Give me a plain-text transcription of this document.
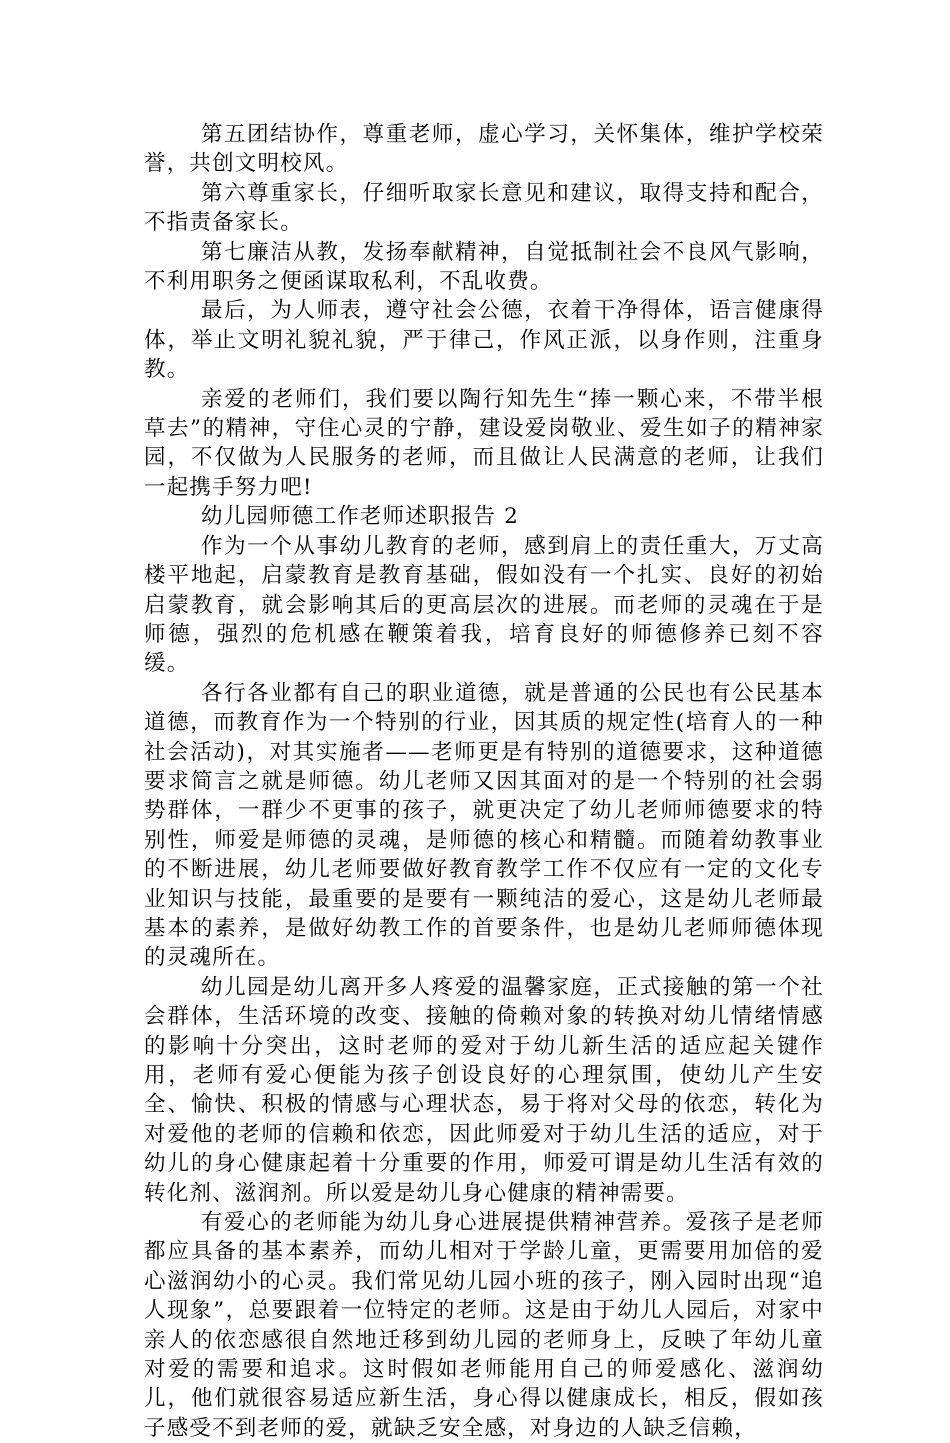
第五团结协作，尊重老师，虚心学习，关怀集体，维护学校荣誉，共创文明校风。

第六尊重家长，仔细听取家长意见和建议，取得支持和配合，不指责备家长。

第七廉洁从教，发扬奉献精神，自觉抵制社会不良风气影响，不利用职务之便函谋取私利，不乱收费。

最后，为人师表，遵守社会公德，衣着干净得体，语言健康得体，举止文明礼貌礼貌，严于律己，作风正派，以身作则，注重身教。

亲爱的老师们，我们要以陶行知先生“捧一颗心来，不带半根草去”的精神，守住心灵的宁静，建设爱岗敬业、爱生如子的精神家园，不仅做为人民服务的老师，而且做让人民满意的老师，让我们一起携手努力吧!

幼儿园师德工作老师述职报告 2

作为一个从事幼儿教育的老师，感到肩上的责任重大，万丈高楼平地起，启蒙教育是教育基础，假如没有一个扎实、良好的初始启蒙教育，就会影响其后的更高层次的进展。而老师的灵魂在于是师德，强烈的危机感在鞭策着我，培育良好的师德修养已刻不容缓。

各行各业都有自己的职业道德，就是普通的公民也有公民基本道德，而教育作为一个特别的行业，因其质的规定性(培育人的一种社会活动)，对其实施者——老师更是有特别的道德要求，这种道德要求简言之就是师德。幼儿老师又因其面对的是一个特别的社会弱势群体，一群少不更事的孩子，就更决定了幼儿老师师德要求的特别性，师爱是师德的灵魂，是师德的核心和精髓。而随着幼教事业的不断进展，幼儿老师要做好教育教学工作不仅应有一定的文化专业知识与技能，最重要的是要有一颗纯洁的爱心，这是幼儿老师最基本的素养，是做好幼教工作的首要条件，也是幼儿老师师德体现的灵魂所在。

幼儿园是幼儿离开多人疼爱的温馨家庭，正式接触的第一个社会群体，生活环境的改变、接触的倚赖对象的转换对幼儿情绪情感的影响十分突出，这时老师的爱对于幼儿新生活的适应起关键作用，老师有爱心便能为孩子创设良好的心理氛围，使幼儿产生安全、愉快、积极的情感与心理状态，易于将对父母的依恋，转化为对爱他的老师的信赖和依恋，因此师爱对于幼儿生活的适应，对于幼儿的身心健康起着十分重要的作用，师爱可谓是幼儿生活有效的转化剂、滋润剂。所以爱是幼儿身心健康的精神需要。

有爱心的老师能为幼儿身心进展提供精神营养。爱孩子是老师都应具备的基本素养，而幼儿相对于学龄儿童，更需要用加倍的爱心滋润幼小的心灵。我们常见幼儿园小班的孩子，刚入园时出现“追人现象”，总要跟着一位特定的老师。这是由于幼儿人园后，对家中亲人的依恋感很自然地迁移到幼儿园的老师身上，反映了年幼儿童对爱的需要和追求。这时假如老师能用自己的师爱感化、滋润幼儿，他们就很容易适应新生活，身心得以健康成长，相反，假如孩子感受不到老师的爱，就缺乏安全感，对身边的人缺乏信赖，
